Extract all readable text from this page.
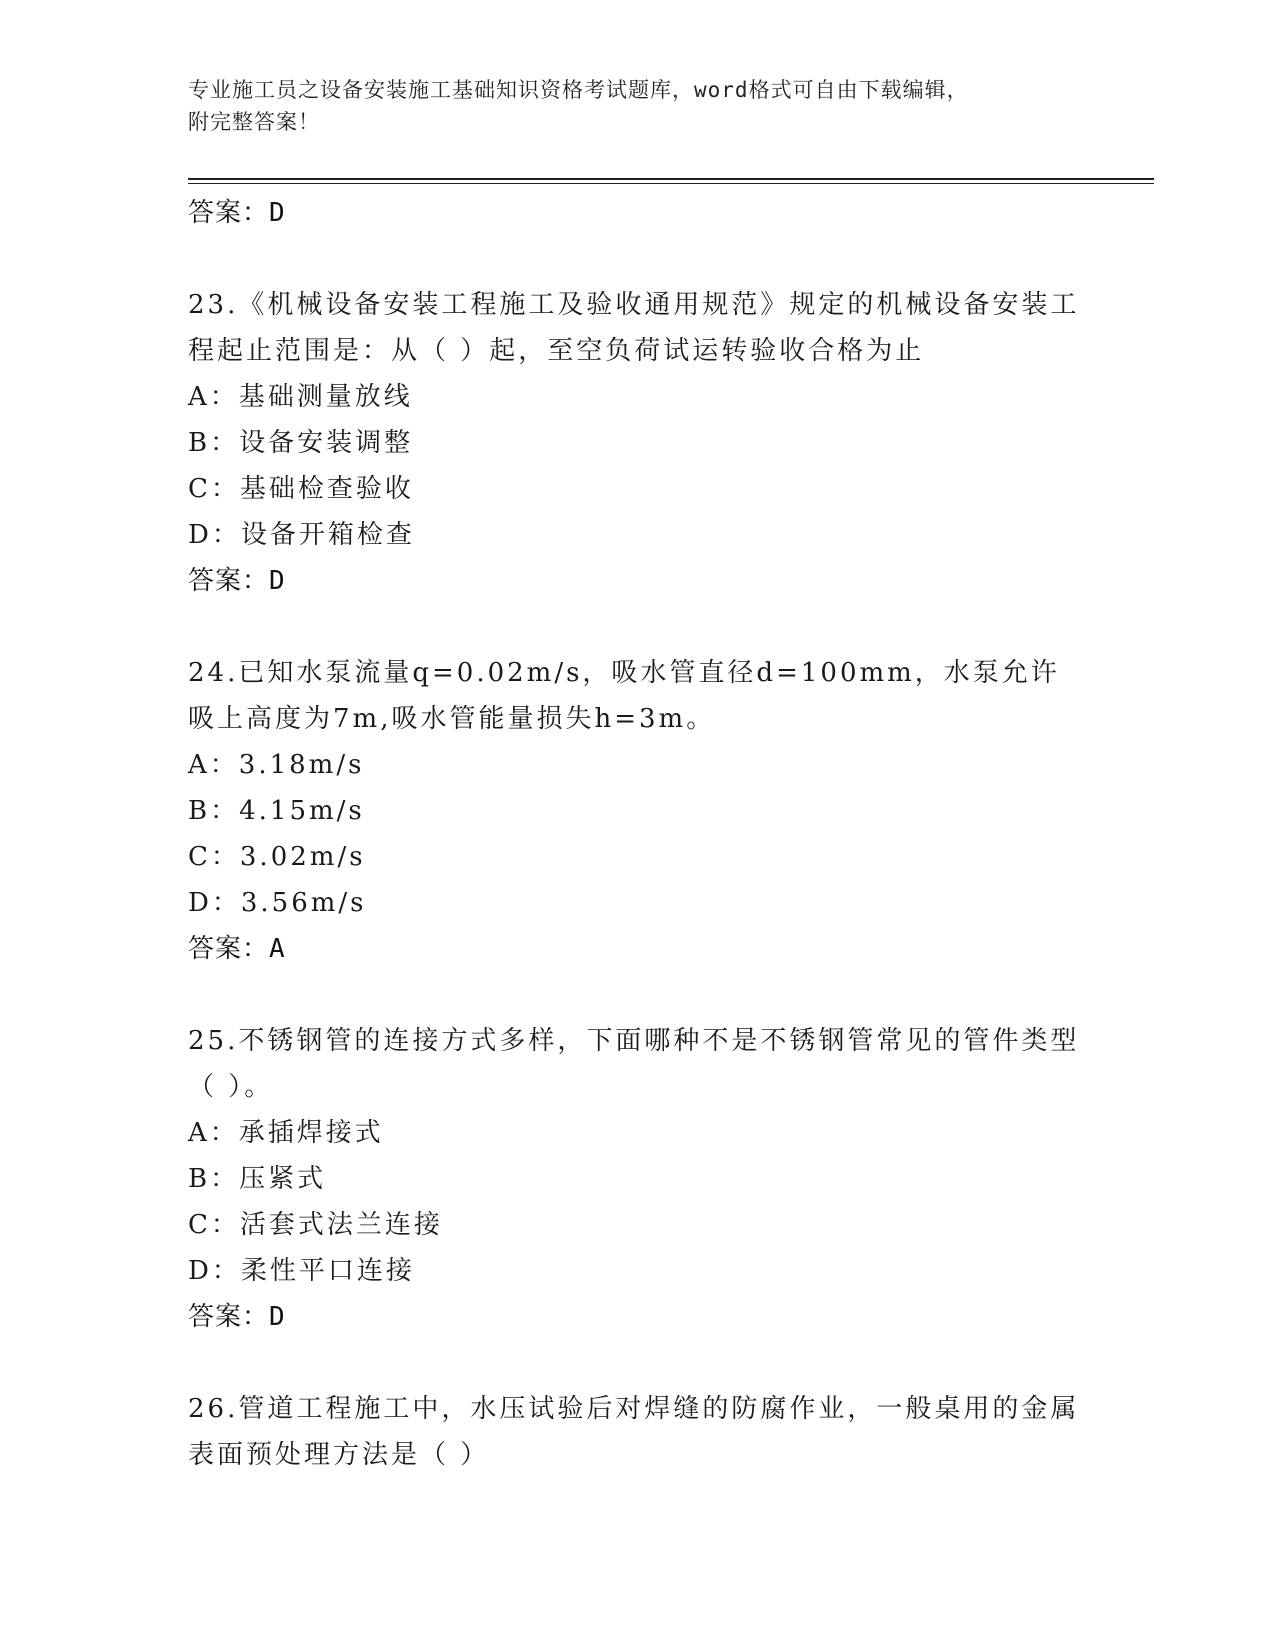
专业施工员之设备安装施工基础知识资格考试题库，word格式可自由下载编辑，
附完整答案！
答案：D
23.《机械设备安装工程施工及验收通用规范》规定的机械设备安装工程起止范围是：从（ ）起，至空负荷试运转验收合格为止
A：基础测量放线
B：设备安装调整
C：基础检查验收
D：设备开箱检查
答案：D
24.已知水泵流量q=0.02m/s，吸水管直径d=100mm，水泵允许吸上高度为7m,吸水管能量损失h=3m。
A：3.18m/s
B：4.15m/s
C：3.02m/s
D：3.56m/s
答案：A
25.不锈钢管的连接方式多样，下面哪种不是不锈钢管常见的管件类型（ ）。
A：承插焊接式
B：压紧式
C：活套式法兰连接
D：柔性平口连接
答案：D
26.管道工程施工中，水压试验后对焊缝的防腐作业，一般桌用的金属表面预处理方法是（ ）
